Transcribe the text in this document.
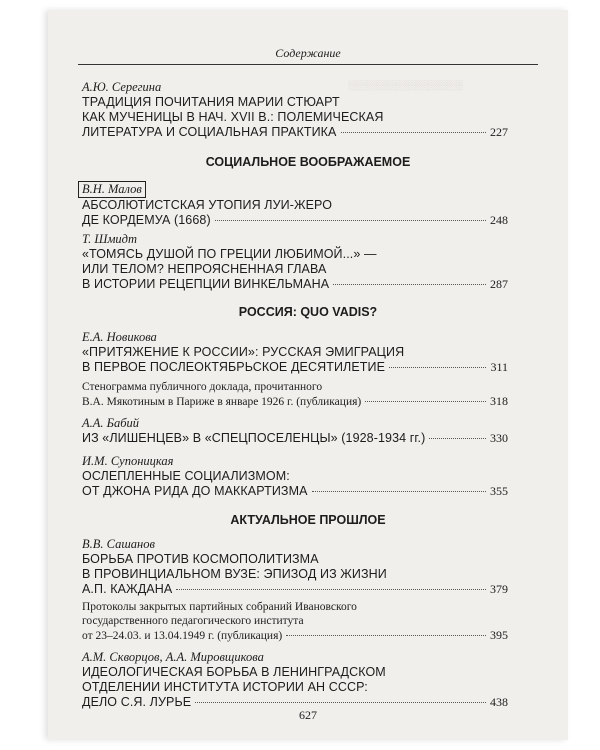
░░░░░░░░░░░░░░░░░░
Содержание
А.Ю. Серегина
ТРАДИЦИЯ ПОЧИТАНИЯ МАРИИ СТЮАРТ
КАК МУЧЕНИЦЫ В НАЧ. XVII В.: ПОЛЕМИЧЕСКАЯ
ЛИТЕРАТУРА И СОЦИАЛЬНАЯ ПРАКТИКА	227
СОЦИАЛЬНОЕ ВООБРАЖАЕМОЕ
В.Н. Малов
АБСОЛЮТИСТСКАЯ УТОПИЯ ЛУИ-ЖЕРО
ДЕ КОРДЕМУА (1668)	248
Т. Шмидт
«ТОМЯСЬ ДУШОЙ ПО ГРЕЦИИ ЛЮБИМОЙ...» —
ИЛИ ТЕЛОМ? НЕПРОЯСНЕННАЯ ГЛАВА
В ИСТОРИИ РЕЦЕПЦИИ ВИНКЕЛЬМАНА	287
РОССИЯ: QUO VADIS?
Е.А. Новикова
«ПРИТЯЖЕНИЕ К РОССИИ»: РУССКАЯ ЭМИГРАЦИЯ
В ПЕРВОЕ ПОСЛЕОКТЯБРЬСКОЕ ДЕСЯТИЛЕТИЕ	311
Стенограмма публичного доклада, прочитанного
В.А. Мякотиным в Париже в январе 1926 г. (публикация)	318
А.А. Бабий
ИЗ «ЛИШЕНЦЕВ» В «СПЕЦПОСЕЛЕНЦЫ» (1928-1934 гг.)	330
И.М. Супоницкая
ОСЛЕПЛЕННЫЕ СОЦИАЛИЗМОМ:
ОТ ДЖОНА РИДА ДО МАККАРТИЗМА	355
АКТУАЛЬНОЕ ПРОШЛОЕ
В.В. Сашанов
БОРЬБА ПРОТИВ КОСМОПОЛИТИЗМА
В ПРОВИНЦИАЛЬНОМ ВУЗЕ: ЭПИЗОД ИЗ ЖИЗНИ
А.П. КАЖДАНА	379
Протоколы закрытых партийных собраний Ивановского
государственного педагогического института
от 23–24.03. и 13.04.1949 г. (публикация)	395
А.М. Скворцов, А.А. Мировщикова
ИДЕОЛОГИЧЕСКАЯ БОРЬБА В ЛЕНИНГРАДСКОМ
ОТДЕЛЕНИИ ИНСТИТУТА ИСТОРИИ АН СССР:
ДЕЛО С.Я. ЛУРЬЕ	438
627
